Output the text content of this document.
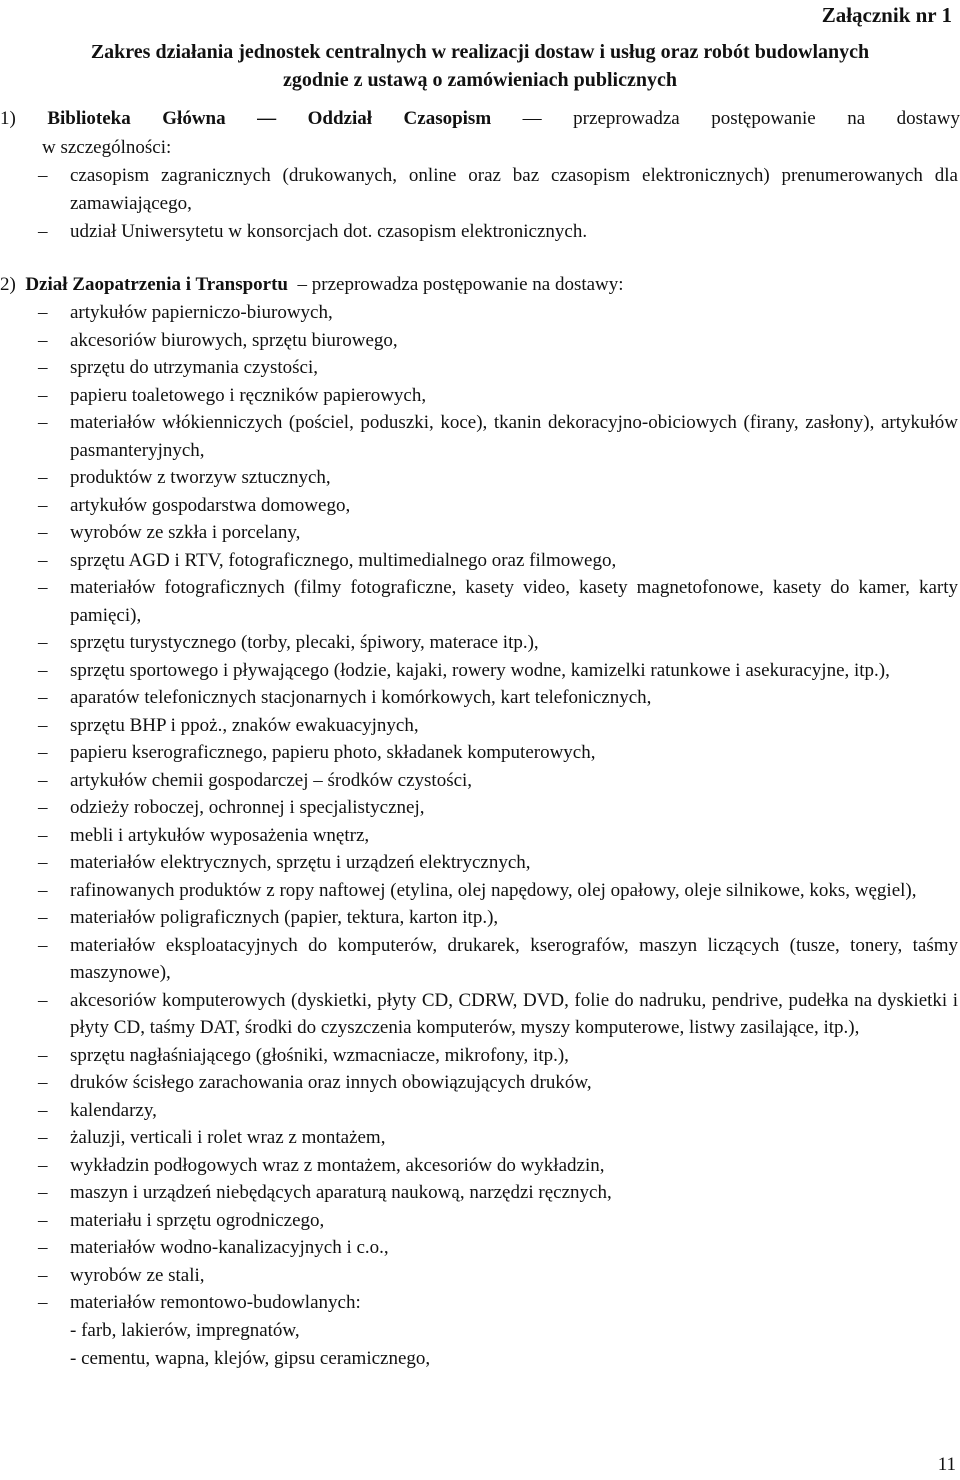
Załącznik nr 1
Zakres działania jednostek centralnych w realizacji dostaw i usług oraz robót budowlanych
zgodnie z ustawą o zamówieniach publicznych
1) Biblioteka Główna — Oddział Czasopism — przeprowadza postępowanie na dostawy
w szczególności:
–	czasopism zagranicznych (drukowanych, online oraz baz czasopism elektronicznych) prenumerowanych dla zamawiającego,
–	udział Uniwersytetu w konsorcjach dot. czasopism elektronicznych.
2) Dział Zaopatrzenia i Transportu – przeprowadza postępowanie na dostawy:
–	artykułów papierniczo-biurowych,
–	akcesoriów biurowych, sprzętu biurowego,
–	sprzętu do utrzymania czystości,
–	papieru toaletowego i ręczników papierowych,
–	materiałów włókienniczych (pościel, poduszki, koce), tkanin dekoracyjno-obiciowych (firany, zasłony), artykułów pasmanteryjnych,
–	produktów z tworzyw sztucznych,
–	artykułów gospodarstwa domowego,
–	wyrobów ze szkła i porcelany,
–	sprzętu AGD i RTV, fotograficznego, multimedialnego oraz filmowego,
–	materiałów fotograficznych (filmy fotograficzne, kasety video, kasety magnetofonowe, kasety do kamer, karty pamięci),
–	sprzętu turystycznego (torby, plecaki, śpiwory, materace itp.),
–	sprzętu sportowego i pływającego (łodzie, kajaki, rowery wodne, kamizelki ratunkowe i asekuracyjne, itp.),
–	aparatów telefonicznych stacjonarnych i komórkowych, kart telefonicznych,
–	sprzętu BHP i ppoż., znaków ewakuacyjnych,
–	papieru kserograficznego, papieru photo, składanek komputerowych,
–	artykułów chemii gospodarczej – środków czystości,
–	odzieży roboczej, ochronnej i specjalistycznej,
–	mebli i artykułów wyposażenia wnętrz,
–	materiałów elektrycznych, sprzętu i urządzeń elektrycznych,
–	rafinowanych produktów z ropy naftowej (etylina, olej napędowy, olej opałowy, oleje silnikowe, koks, węgiel),
–	materiałów poligraficznych (papier, tektura, karton itp.),
–	materiałów eksploatacyjnych do komputerów, drukarek, kserografów, maszyn liczących (tusze, tonery, taśmy maszynowe),
–	akcesoriów komputerowych (dyskietki, płyty CD, CDRW, DVD, folie do nadruku, pendrive, pudełka na dyskietki i płyty CD, taśmy DAT, środki do czyszczenia komputerów, myszy komputerowe, listwy zasilające, itp.),
–	sprzętu nagłaśniającego (głośniki, wzmacniacze, mikrofony, itp.),
–	druków ścisłego zarachowania oraz innych obowiązujących druków,
–	kalendarzy,
–	żaluzji, verticali i rolet wraz z montażem,
–	wykładzin podłogowych wraz z montażem, akcesoriów do wykładzin,
–	maszyn i urządzeń niebędących aparaturą naukową, narzędzi ręcznych,
–	materiału i sprzętu ogrodniczego,
–	materiałów wodno-kanalizacyjnych i c.o.,
–	wyrobów ze stali,
–	materiałów remontowo-budowlanych:
- farb, lakierów, impregnatów,
- cementu, wapna, klejów, gipsu ceramicznego,
11
